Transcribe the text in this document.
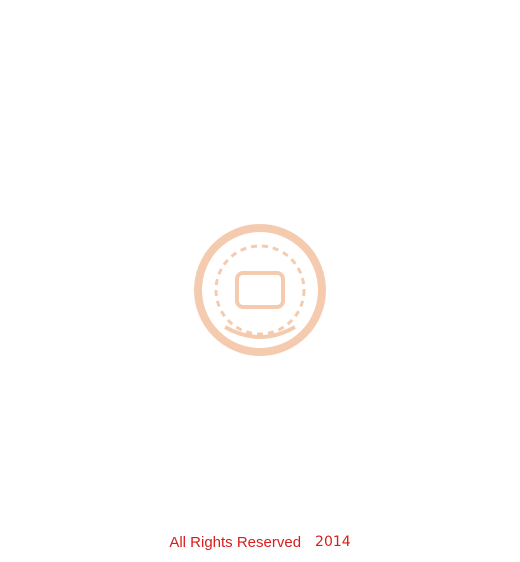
All Rights Reserved 2014
